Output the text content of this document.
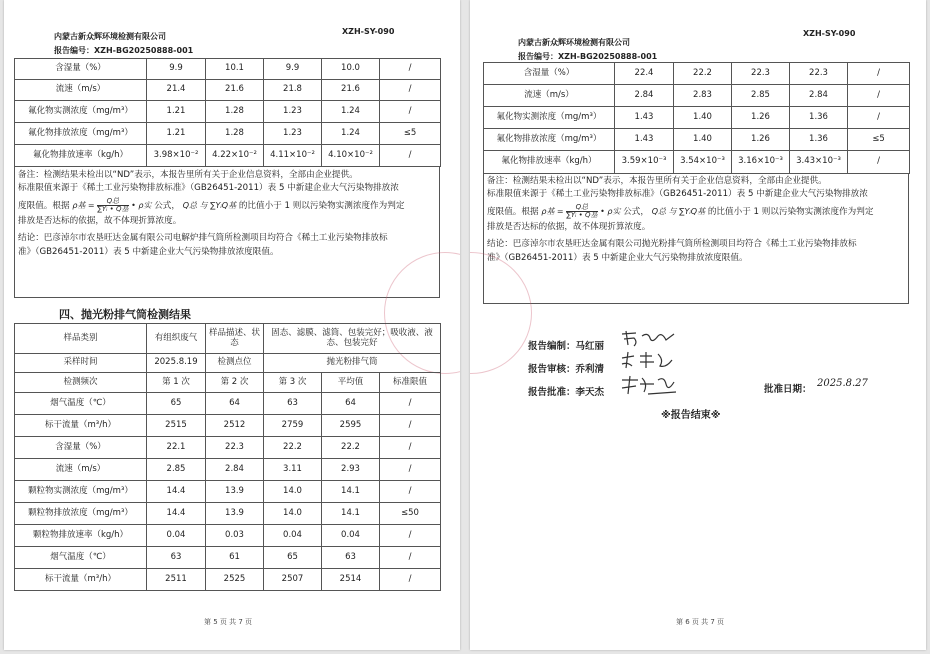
内蒙古新众辉环境检测有限公司
XZH-SY-090
报告编号：XZH-BG20250888-001
含湿量（%）	9.9	10.1	9.9	10.0	/
流速（m/s）	21.4	21.6	21.8	21.6	/
氟化物实测浓度（mg/m³）	1.21	1.28	1.23	1.24	/
氟化物排放浓度（mg/m³）	1.21	1.28	1.23	1.24	≤5
氟化物排放速率（kg/h）	3.98×10⁻²	4.22×10⁻²	4.11×10⁻²	4.10×10⁻²	/

备注：检测结果未检出以“ND”表示，本报告里所有关于企业信息资料，全部由企业提供。

标准限值来源于《稀土工业污染物排放标准》（GB26451-2011）表 5 中新建企业大气污染物排放浓

度限值。根据 ρ基 = $\frac{\text{Q总}}{\text{∑Yᵢ • Q基}}$ • ρ实 公式， Q总 与 ∑YᵢQ基 的比值小于 1 则以污染物实测浓度作为判定

排放是否达标的依据，故不体现折算浓度。

结论：巴彦淖尔市农垦旺达金属有限公司电解炉排气筒所检测项目均符合《稀土工业污染物排放标

准》（GB26451-2011）表 5 中新建企业大气污染物排放浓度限值。

四、抛光粉排气筒检测结果
样品类别	有组织废气	样品描述、状态	固态、滤膜、滤筒、包装完好；吸收液、液态、包装完好		
采样时间	2025.8.19	检测点位	抛光粉排气筒		
检测频次	第 1 次	第 2 次	第 3 次	平均值	标准限值
烟气温度（℃）	65	64	63	64	/
标干流量（m³/h）	2515	2512	2759	2595	/
含湿量（%）	22.1	22.3	22.2	22.2	/
流速（m/s）	2.85	2.84	3.11	2.93	/
颗粒物实测浓度（mg/m³）	14.4	13.9	14.0	14.1	/
颗粒物排放浓度（mg/m³）	14.4	13.9	14.0	14.1	≤50
颗粒物排放速率（kg/h）	0.04	0.03	0.04	0.04	/
烟气温度（℃）	63	61	65	63	/
标干流量（m³/h）	2511	2525	2507	2514	/
第 5 页 共 7 页
内蒙古新众辉环境检测有限公司
XZH-SY-090
报告编号：XZH-BG20250888-001
含湿量（%）	22.4	22.2	22.3	22.3	/
流速（m/s）	2.84	2.83	2.85	2.84	/
氟化物实测浓度（mg/m³）	1.43	1.40	1.26	1.36	/
氟化物排放浓度（mg/m³）	1.43	1.40	1.26	1.36	≤5
氟化物排放速率（kg/h）	3.59×10⁻³	3.54×10⁻³	3.16×10⁻³	3.43×10⁻³	/

备注：检测结果未检出以“ND”表示，本报告里所有关于企业信息资料，全部由企业提供。

标准限值来源于《稀土工业污染物排放标准》（GB26451-2011）表 5 中新建企业大气污染物排放浓

度限值。根据 ρ基 = $\frac{\text{Q总}}{\text{∑Yᵢ • Q基}}$ • ρ实 公式， Q总 与 ∑YᵢQ基 的比值小于 1 则以污染物实测浓度作为判定

排放是否达标的依据，故不体现折算浓度。

结论：巴彦淖尔市农垦旺达金属有限公司抛光粉排气筒所检测项目均符合《稀土工业污染物排放标

准》（GB26451-2011）表 5 中新建企业大气污染物排放浓度限值。

报告编制：马红丽
报告审核：乔利清
报告批准：李天杰	批准日期：
2025.8.27
※报告结束※
第 6 页 共 7 页
